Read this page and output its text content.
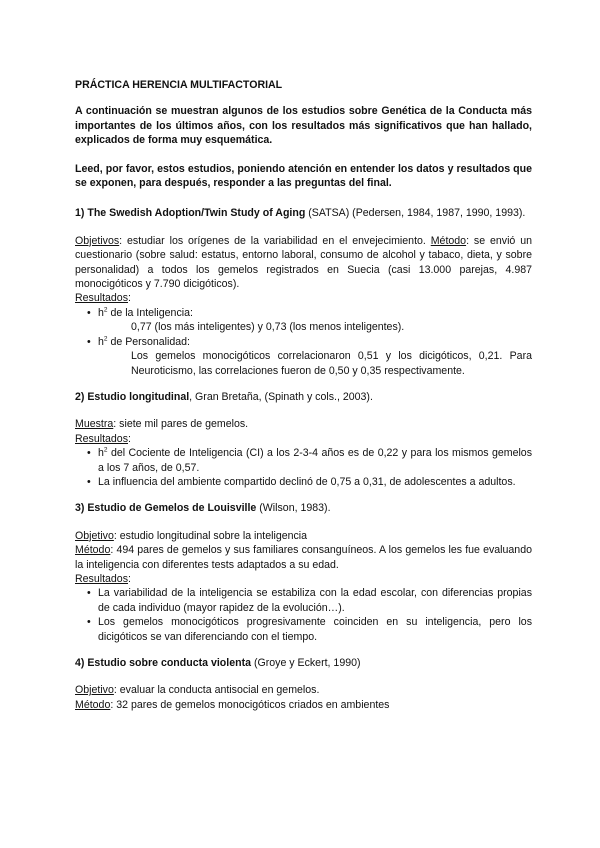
PRÁCTICA HERENCIA MULTIFACTORIAL

A continuación se muestran algunos de los estudios sobre Genética de la Conducta más importantes de los últimos años, con los resultados más significativos que han hallado, explicados de forma muy esquemática.

Leed, por favor, estos estudios, poniendo atención en entender los datos y resultados que se exponen, para después, responder a las preguntas del final.

1) The Swedish Adoption/Twin Study of Aging (SATSA) (Pedersen, 1984, 1987, 1990, 1993).

Objetivos: estudiar los orígenes de la variabilidad en el envejecimiento. Método: se envió un cuestionario (sobre salud: estatus, entorno laboral, consumo de alcohol y tabaco, dieta, y sobre personalidad) a todos los gemelos registrados en Suecia (casi 13.000 parejas, 4.987 monocigóticos y 7.790 dicigóticos).

Resultados:

• $h^2$ de la Inteligencia:
0,77 (los más inteligentes) y 0,73 (los menos inteligentes).
• $h^2$ de Personalidad:
Los gemelos monocigóticos correlacionaron 0,51 y los dicigóticos, 0,21. Para Neuroticismo, las correlaciones fueron de 0,50 y 0,35 respectivamente.

2) Estudio longitudinal, Gran Bretaña, (Spinath y cols., 2003).

Muestra: siete mil pares de gemelos.

Resultados:

• $h^2$ del Cociente de Inteligencia (CI) a los 2-3-4 años es de 0,22 y para los mismos gemelos a los 7 años, de 0,57.
• La influencia del ambiente compartido declinó de 0,75 a 0,31, de adolescentes a adultos.

3) Estudio de Gemelos de Louisville (Wilson, 1983).

Objetivo: estudio longitudinal sobre la inteligencia

Método: 494 pares de gemelos y sus familiares consanguíneos. A los gemelos les fue evaluando la inteligencia con diferentes tests adaptados a su edad.

Resultados:

• La variabilidad de la inteligencia se estabiliza con la edad escolar, con diferencias propias de cada individuo (mayor rapidez de la evolución…).
• Los gemelos monocigóticos progresivamente coinciden en su inteligencia, pero los dicigóticos se van diferenciando con el tiempo.

4) Estudio sobre conducta violenta (Groye y Eckert, 1990)

Objetivo: evaluar la conducta antisocial en gemelos.

Método: 32 pares de gemelos monocigóticos criados en ambientes
